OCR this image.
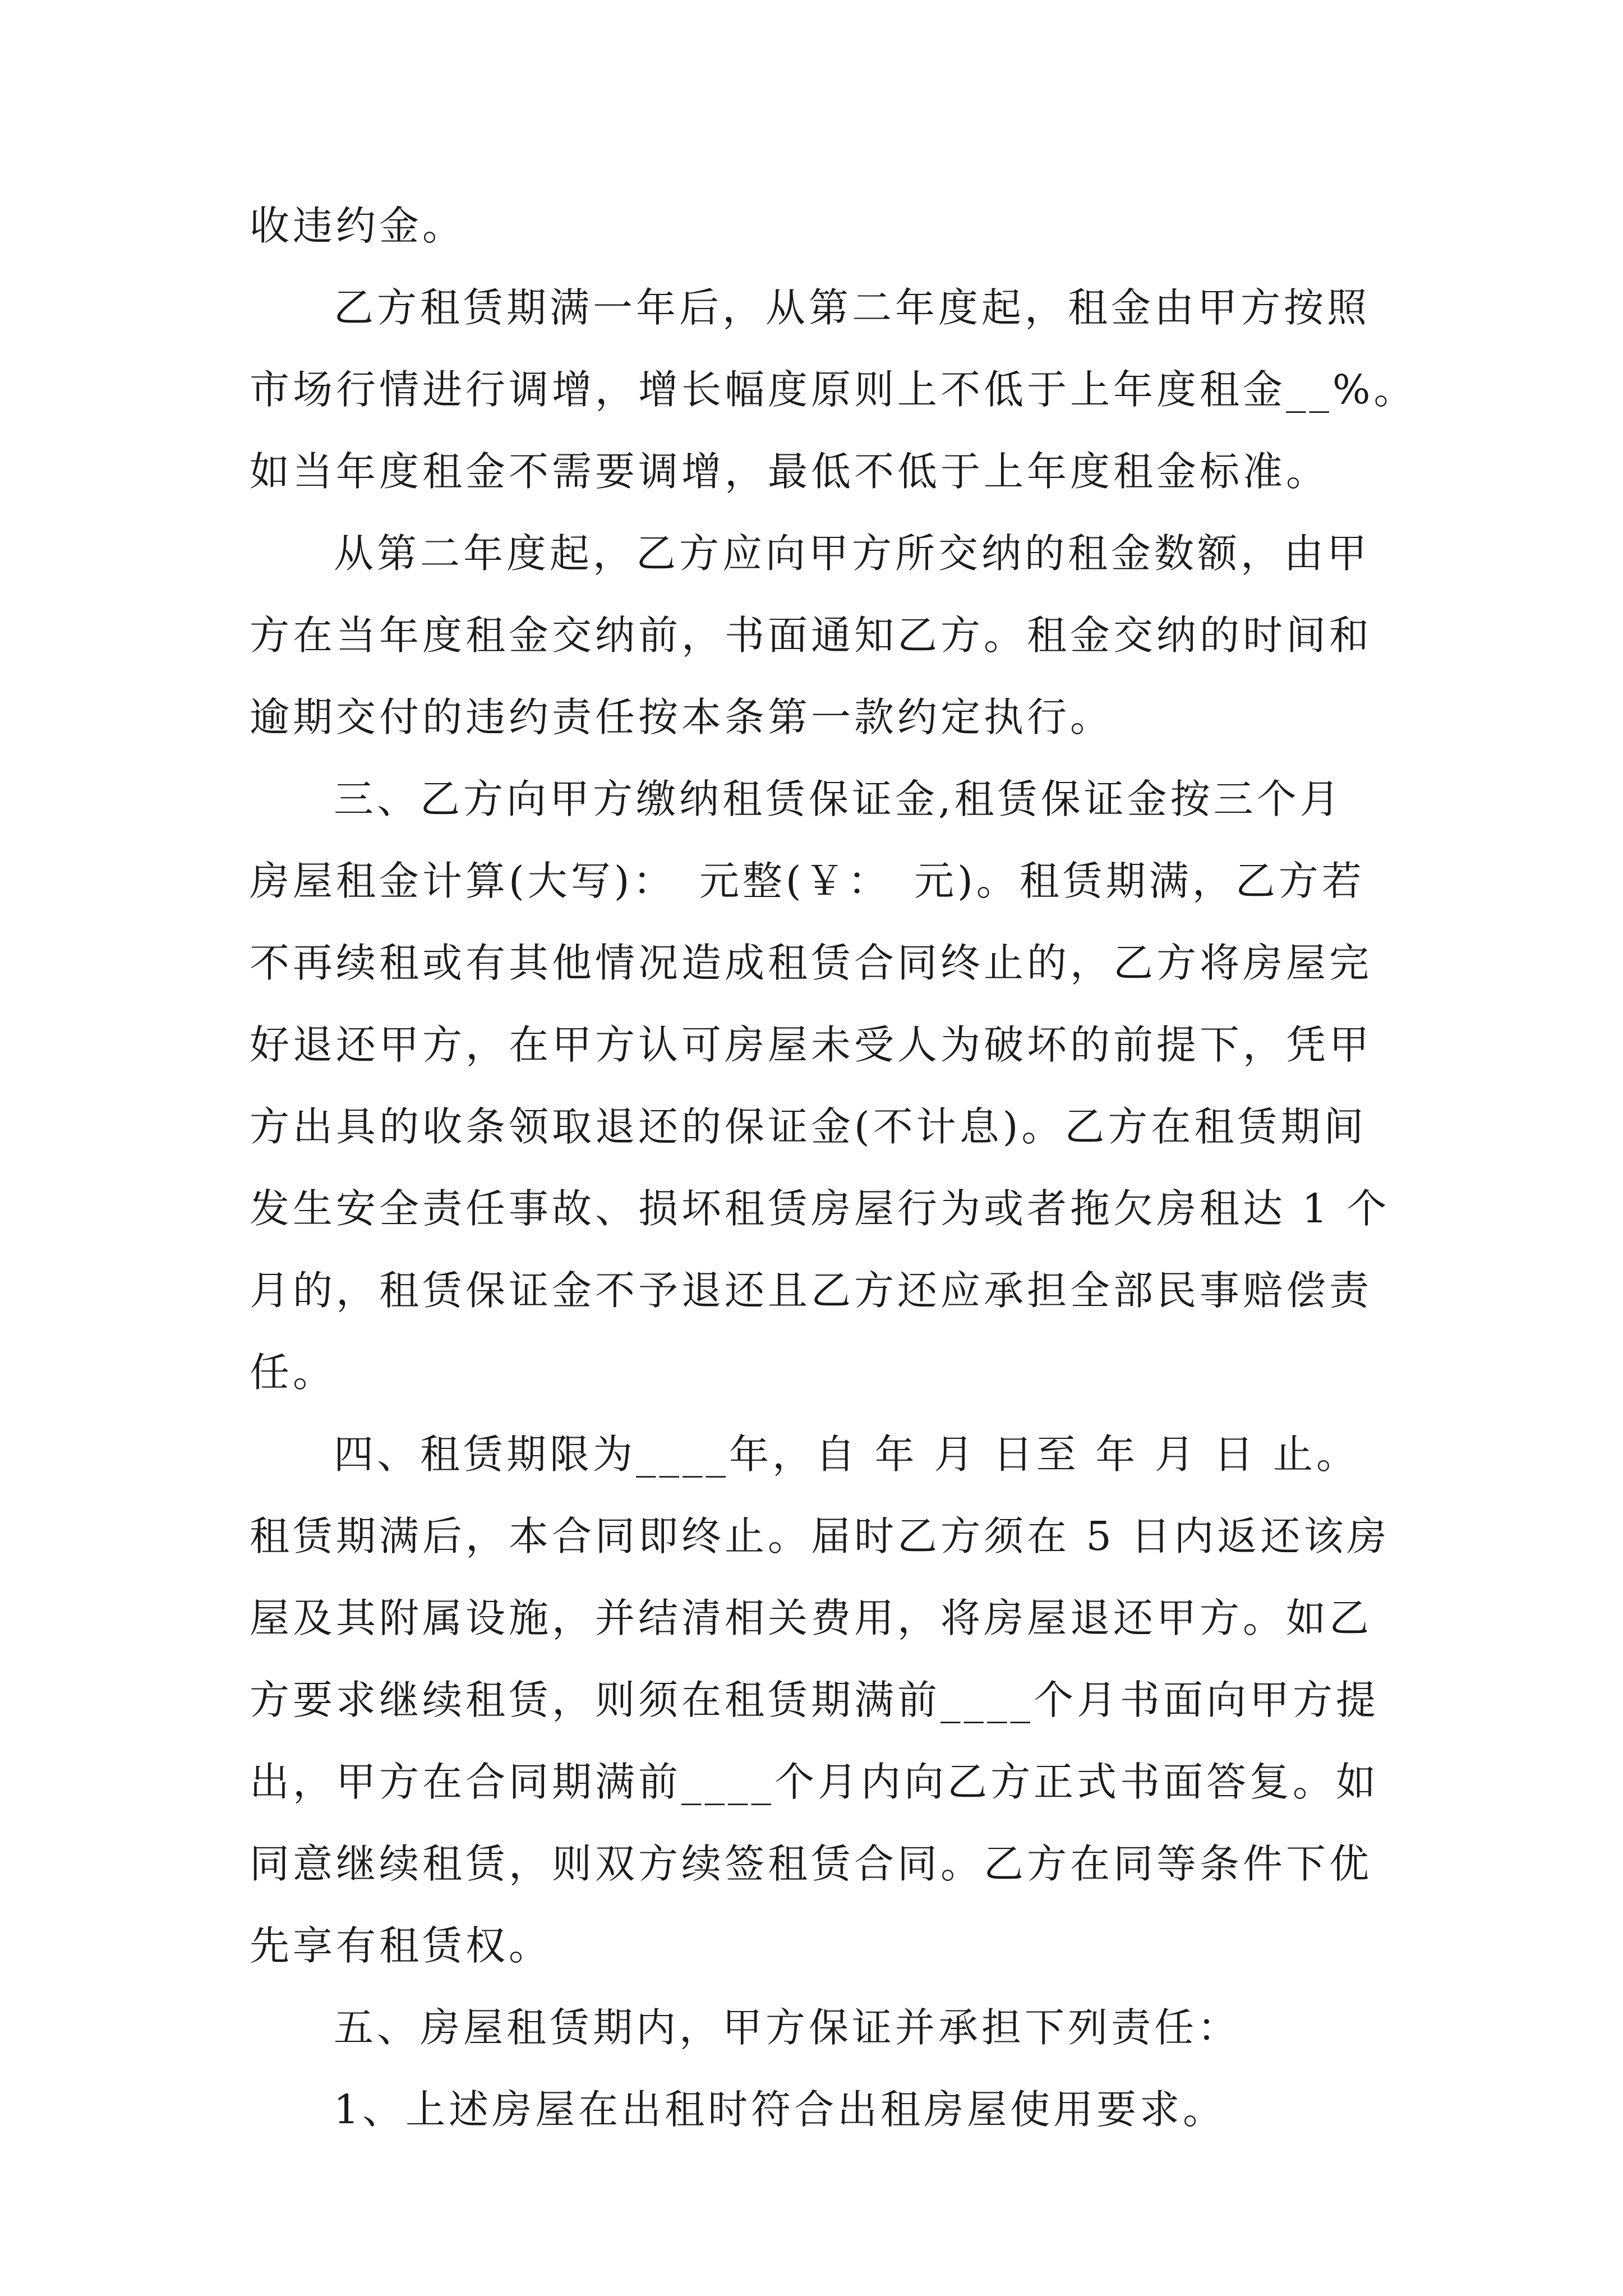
收违约金。
乙方租赁期满一年后，从第二年度起，租金由甲方按照
市场行情进行调增，增长幅度原则上不低于上年度租金__%。
如当年度租金不需要调增，最低不低于上年度租金标准。
从第二年度起，乙方应向甲方所交纳的租金数额，由甲
方在当年度租金交纳前，书面通知乙方。租金交纳的时间和
逾期交付的违约责任按本条第一款约定执行。
三、乙方向甲方缴纳租赁保证金,租赁保证金按三个月
房屋租金计算(大写)：　元整(￥：　元)。租赁期满，乙方若
不再续租或有其他情况造成租赁合同终止的，乙方将房屋完
好退还甲方，在甲方认可房屋未受人为破坏的前提下，凭甲
方出具的收条领取退还的保证金(不计息)。乙方在租赁期间
发生安全责任事故、损坏租赁房屋行为或者拖欠房租达 1 个
月的，租赁保证金不予退还且乙方还应承担全部民事赔偿责
任。
四、租赁期限为____年，自 年 月 日至 年 月 日 止。
租赁期满后，本合同即终止。届时乙方须在 5 日内返还该房
屋及其附属设施，并结清相关费用，将房屋退还甲方。如乙
方要求继续租赁，则须在租赁期满前____个月书面向甲方提
出，甲方在合同期满前____个月内向乙方正式书面答复。如
同意继续租赁，则双方续签租赁合同。乙方在同等条件下优
先享有租赁权。
五、房屋租赁期内，甲方保证并承担下列责任：
1、上述房屋在出租时符合出租房屋使用要求。
